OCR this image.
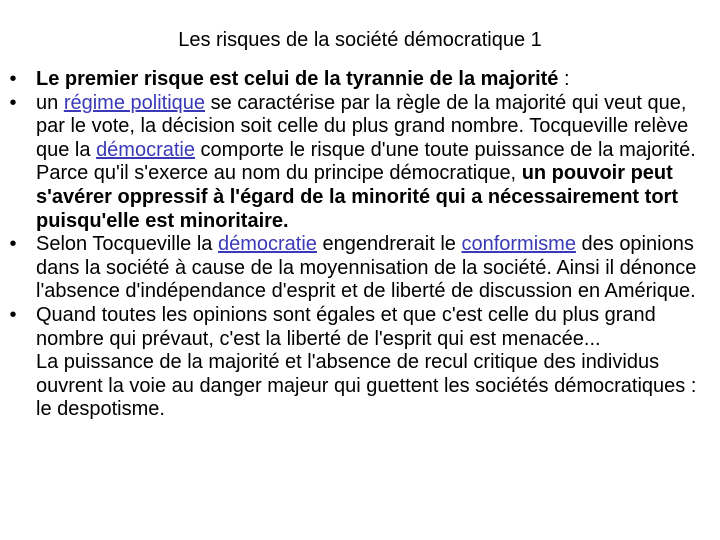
Les risques de la société démocratique 1
• Le premier risque est celui de la tyrannie de la majorité :
• un régime politique se caractérise par la règle de la majorité qui veut que, par le vote, la décision soit celle du plus grand nombre. Tocqueville relève que la démocratie comporte le risque d'une toute puissance de la majorité. Parce qu'il s'exerce au nom du principe démocratique, un pouvoir peut s'avérer oppressif à l'égard de la minorité qui a nécessairement tort puisqu'elle est minoritaire.
• Selon Tocqueville la démocratie engendrerait le conformisme des opinions dans la société à cause de la moyennisation de la société. Ainsi il dénonce l'absence d'indépendance d'esprit et de liberté de discussion en Amérique.
• Quand toutes les opinions sont égales et que c'est celle du plus grand nombre qui prévaut, c'est la liberté de l'esprit qui est menacée...
La puissance de la majorité et l'absence de recul critique des individus ouvrent la voie au danger majeur qui guettent les sociétés démocratiques : le despotisme.
